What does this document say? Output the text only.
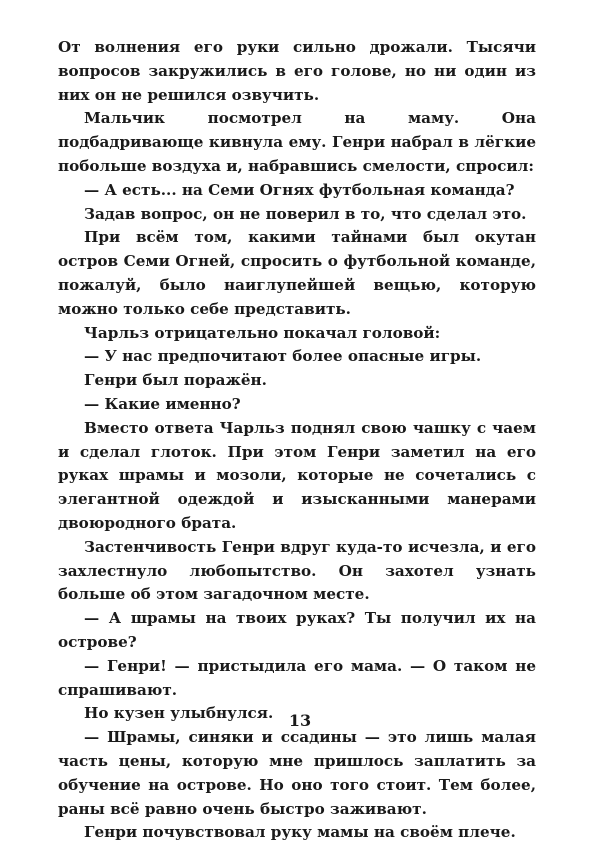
От волнения его руки сильно дрожали. Тысячи вопросов закружились в его голове, но ни один из них он не решился озвучить.

Мальчик посмотрел на маму. Она подбадривающе кивнула ему. Генри набрал в лёгкие побольше воздуха и, набравшись смелости, спросил:

— А есть... на Семи Огнях футбольная команда?

Задав вопрос, он не поверил в то, что сделал это.

При всём том, какими тайнами был окутан остров Семи Огней, спросить о футбольной команде, пожалуй, было наиглупейшей вещью, которую можно только себе представить.

Чарльз отрицательно покачал головой:

— У нас предпочитают более опасные игры.

Генри был поражён.

— Какие именно?

Вместо ответа Чарльз поднял свою чашку с чаем и сделал глоток. При этом Генри заметил на его руках шрамы и мозоли, которые не сочетались с элегантной одеждой и изысканными манерами двоюродного брата.

Застенчивость Генри вдруг куда-то исчезла, и его захлестнуло любопытство. Он захотел узнать больше об этом загадочном месте.

— А шрамы на твоих руках? Ты получил их на острове?

— Генри! — пристыдила его мама. — О таком не спрашивают.

Но кузен улыбнулся.

— Шрамы, синяки и ссадины — это лишь малая часть цены, которую мне пришлось заплатить за обучение на острове. Но оно того стоит. Тем более, раны всё равно очень быстро заживают.

Генри почувствовал руку мамы на своём плече.

13
